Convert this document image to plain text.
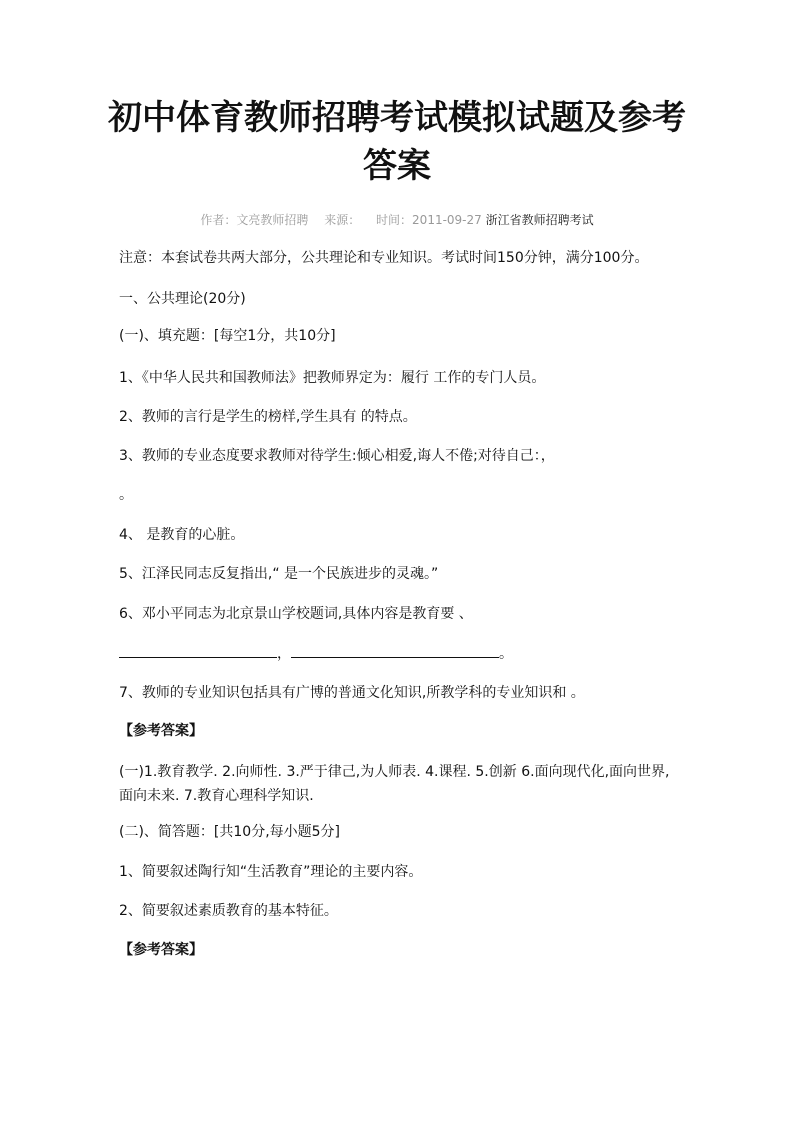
初中体育教师招聘考试模拟试题及参考
答案
作者：文亮教师招聘 来源： 时间：2011-09-27 浙江省教师招聘考试

注意：本套试卷共两大部分，公共理论和专业知识。考试时间150分钟，满分100分。

一、公共理论(20分)

(一)、填充题：[每空1分，共10分]

1、《中华人民共和国教师法》把教师界定为：履行 工作的专门人员。

2、教师的言行是学生的榜样,学生具有 的特点。

3、教师的专业态度要求教师对待学生:倾心相爱,诲人不倦;对待自己：，

。

4、 是教育的心脏。

5、江泽民同志反复指出,“ 是一个民族进步的灵魂。”

6、邓小平同志为北京景山学校题词,具体内容是教育要 、

，	。

7、教师的专业知识包括具有广博的普通文化知识,所教学科的专业知识和 。

【参考答案】

(一)1.教育教学. 2.向师性. 3.严于律己,为人师表. 4.课程. 5.创新 6.面向现代化,面向世界,面向未来. 7.教育心理科学知识.

(二)、简答题：[共10分,每小题5分]

1、简要叙述陶行知“生活教育”理论的主要内容。

2、简要叙述素质教育的基本特征。

【参考答案】
